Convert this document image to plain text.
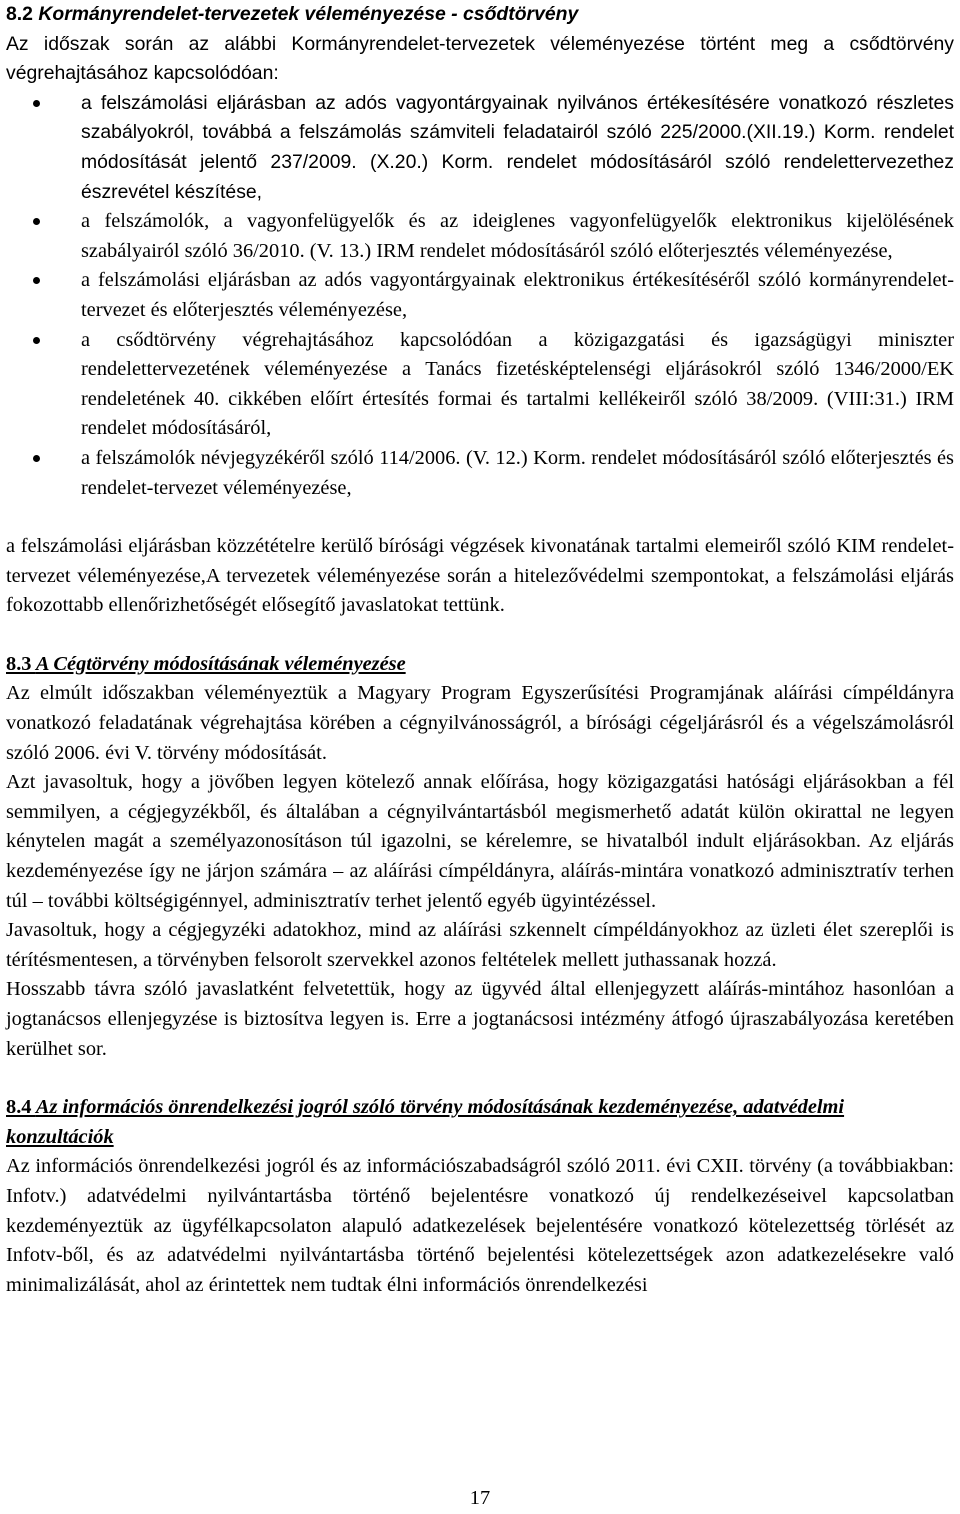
8.2 Kormányrendelet-tervezetek véleményezése - csődtörvény

Az időszak során az alábbi Kormányrendelet-tervezetek véleményezése történt meg a csődtörvény végrehajtásához kapcsolódóan:

a felszámolási eljárásban az adós vagyontárgyainak nyilvános értékesítésére vonatkozó részletes szabályokról, továbbá a felszámolás számviteli feladatairól szóló 225/2000.(XII.19.) Korm. rendelet módosítását jelentő 237/2009. (X.20.) Korm. rendelet módosításáról szóló rendelettervezethez észrevétel készítése,
a felszámolók, a vagyonfelügyelők és az ideiglenes vagyonfelügyelők elektronikus kijelölésének szabályairól szóló 36/2010. (V. 13.) IRM rendelet módosításáról szóló előterjesztés véleményezése,
a felszámolási eljárásban az adós vagyontárgyainak elektronikus értékesítéséről szóló kormányrendelet-tervezet és előterjesztés véleményezése,
a csődtörvény végrehajtásához kapcsolódóan a közigazgatási és igazságügyi miniszter rendelettervezetének véleményezése a Tanács fizetésképtelenségi eljárásokról szóló 1346/2000/EK rendeletének 40. cikkében előírt értesítés formai és tartalmi kellékeiről szóló 38/2009. (VIII:31.) IRM rendelet módosításáról,
a felszámolók névjegyzékéről szóló 114/2006. (V. 12.) Korm. rendelet módosításáról szóló előterjesztés és rendelet-tervezet véleményezése,

a felszámolási eljárásban közzétételre kerülő bírósági végzések kivonatának tartalmi elemeiről szóló KIM rendelet-tervezet véleményezése,A tervezetek véleményezése során a hitelezővédelmi szempontokat, a felszámolási eljárás fokozottabb ellenőrizhetőségét elősegítő javaslatokat tettünk.

8.3 A Cégtörvény módosításának véleményezése

Az elmúlt időszakban véleményeztük a Magyary Program Egyszerűsítési Programjának aláírási címpéldányra vonatkozó feladatának végrehajtása körében a cégnyilvánosságról, a bírósági cégeljárásról és a végelszámolásról szóló 2006. évi V. törvény módosítását.

Azt javasoltuk, hogy a jövőben legyen kötelező annak előírása, hogy közigazgatási hatósági eljárásokban a fél semmilyen, a cégjegyzékből, és általában a cégnyilvántartásból megismerhető adatát külön okirattal ne legyen kénytelen magát a személyazonosításon túl igazolni, se kérelemre, se hivatalból indult eljárásokban. Az eljárás kezdeményezése így ne járjon számára – az aláírási címpéldányra, aláírás-mintára vonatkozó adminisztratív terhen túl – további költségigénnyel, adminisztratív terhet jelentő egyéb ügyintézéssel.

Javasoltuk, hogy a cégjegyzéki adatokhoz, mind az aláírási szkennelt címpéldányokhoz az üzleti élet szereplői is térítésmentesen, a törvényben felsorolt szervekkel azonos feltételek mellett juthassanak hozzá.

Hosszabb távra szóló javaslatként felvetettük, hogy az ügyvéd által ellenjegyzett aláírás-mintához hasonlóan a jogtanácsos ellenjegyzése is biztosítva legyen is. Erre a jogtanácsosi intézmény átfogó újraszabályozása keretében kerülhet sor.

8.4 Az információs önrendelkezési jogról szóló törvény módosításának kezdeményezése, adatvédelmi konzultációk

Az információs önrendelkezési jogról és az információszabadságról szóló 2011. évi CXII. törvény (a továbbiakban: Infotv.) adatvédelmi nyilvántartásba történő bejelentésre vonatkozó új rendelkezéseivel kapcsolatban kezdeményeztük az ügyfélkapcsolaton alapuló adatkezelések bejelentésére vonatkozó kötelezettség törlését az Infotv-ből, és az adatvédelmi nyilvántartásba történő bejelentési kötelezettségek azon adatkezelésekre való minimalizálását, ahol az érintettek nem tudtak élni információs önrendelkezési

17
